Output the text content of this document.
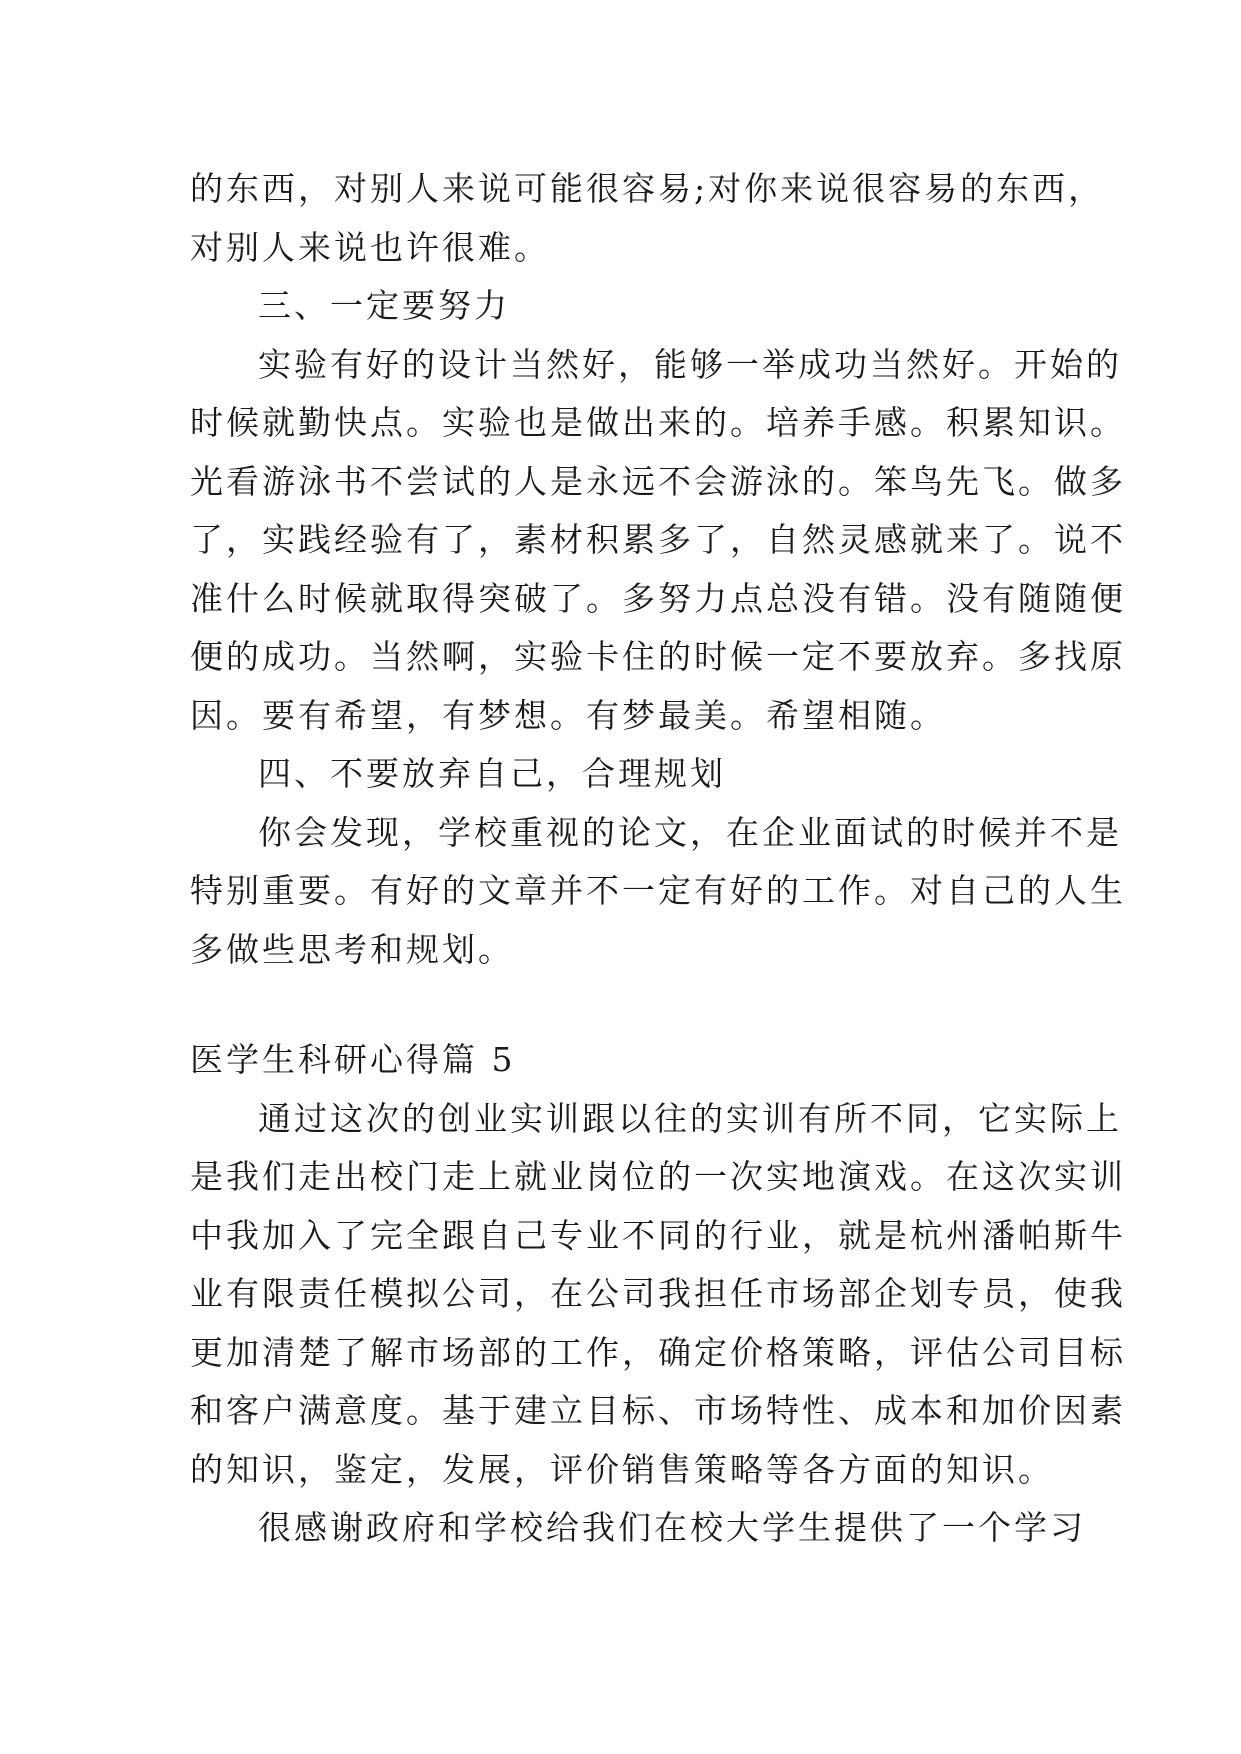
的东西，对别人来说可能很容易;对你来说很容易的东西，
对别人来说也许很难。
三、一定要努力
实验有好的设计当然好，能够一举成功当然好。开始的
时候就勤快点。实验也是做出来的。培养手感。积累知识。
光看游泳书不尝试的人是永远不会游泳的。笨鸟先飞。做多
了，实践经验有了，素材积累多了，自然灵感就来了。说不
准什么时候就取得突破了。多努力点总没有错。没有随随便
便的成功。当然啊，实验卡住的时候一定不要放弃。多找原
因。要有希望，有梦想。有梦最美。希望相随。
四、不要放弃自己，合理规划
你会发现，学校重视的论文，在企业面试的时候并不是
特别重要。有好的文章并不一定有好的工作。对自己的人生
多做些思考和规划。
医学生科研心得篇 5
通过这次的创业实训跟以往的实训有所不同，它实际上
是我们走出校门走上就业岗位的一次实地演戏。在这次实训
中我加入了完全跟自己专业不同的行业，就是杭州潘帕斯牛
业有限责任模拟公司，在公司我担任市场部企划专员，使我
更加清楚了解市场部的工作，确定价格策略，评估公司目标
和客户满意度。基于建立目标、市场特性、成本和加价因素
的知识，鉴定，发展，评价销售策略等各方面的知识。
很感谢政府和学校给我们在校大学生提供了一个学习
